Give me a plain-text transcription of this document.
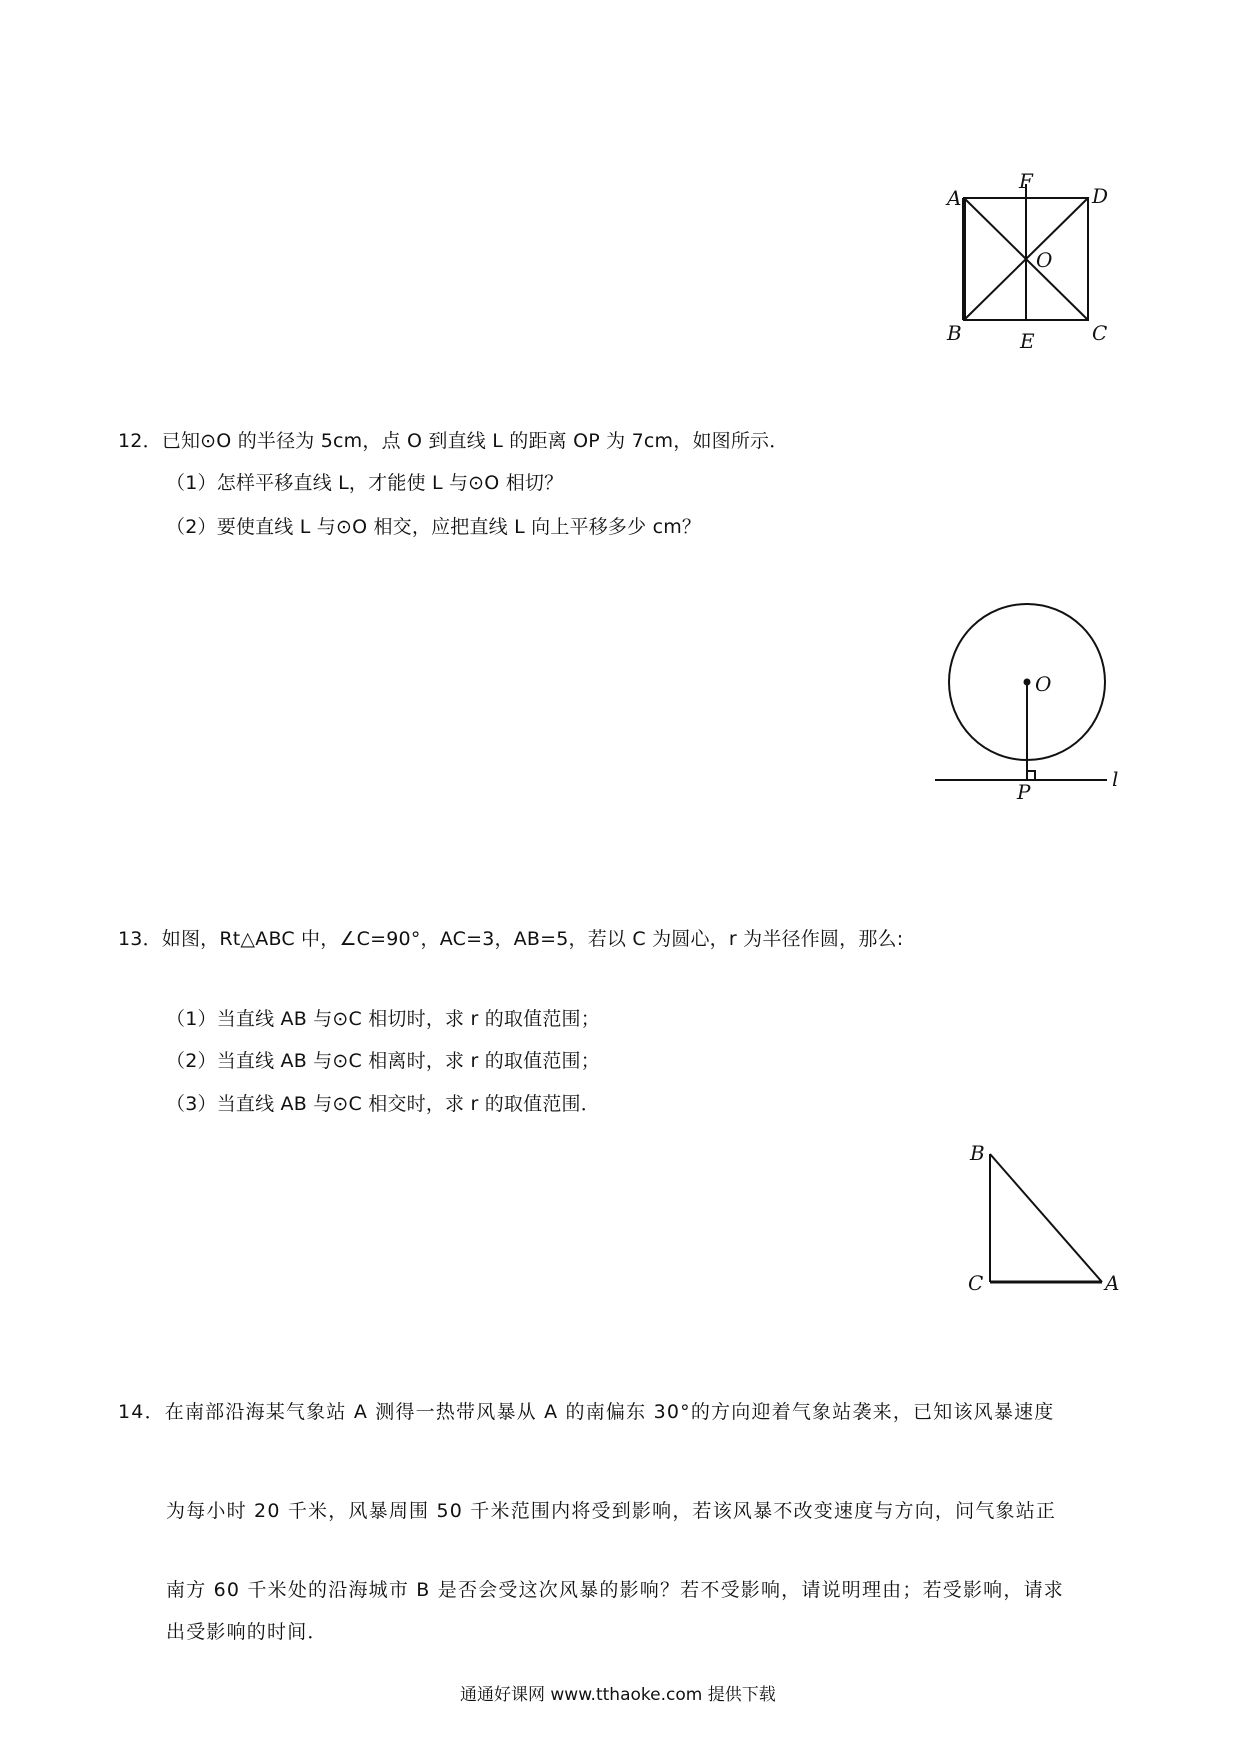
A
F
D
O
B	E	C
12．已知⊙O 的半径为 5cm，点 O 到直线 L 的距离 OP 为 7cm，如图所示．
（1）怎样平移直线 L，才能使 L 与⊙O 相切？
（2）要使直线 L 与⊙O 相交，应把直线 L 向上平移多少 cm？
O
P
l
13．如图，Rt△ABC 中，∠C=90°，AC=3，AB=5，若以 C 为圆心，r 为半径作圆，那么:
（1）当直线 AB 与⊙C 相切时，求 r 的取值范围；
（2）当直线 AB 与⊙C 相离时，求 r 的取值范围；
（3）当直线 AB 与⊙C 相交时，求 r 的取值范围．
B
C	A
14．在南部沿海某气象站 A 测得一热带风暴从 A 的南偏东 30°的方向迎着气象站袭来，已知该风暴速度
为每小时 20 千米，风暴周围 50 千米范围内将受到影响，若该风暴不改变速度与方向，问气象站正
南方 60 千米处的沿海城市 B 是否会受这次风暴的影响？若不受影响，请说明理由；若受影响，请求
出受影响的时间．
通通好课网 www.tthaoke.com 提供下载
